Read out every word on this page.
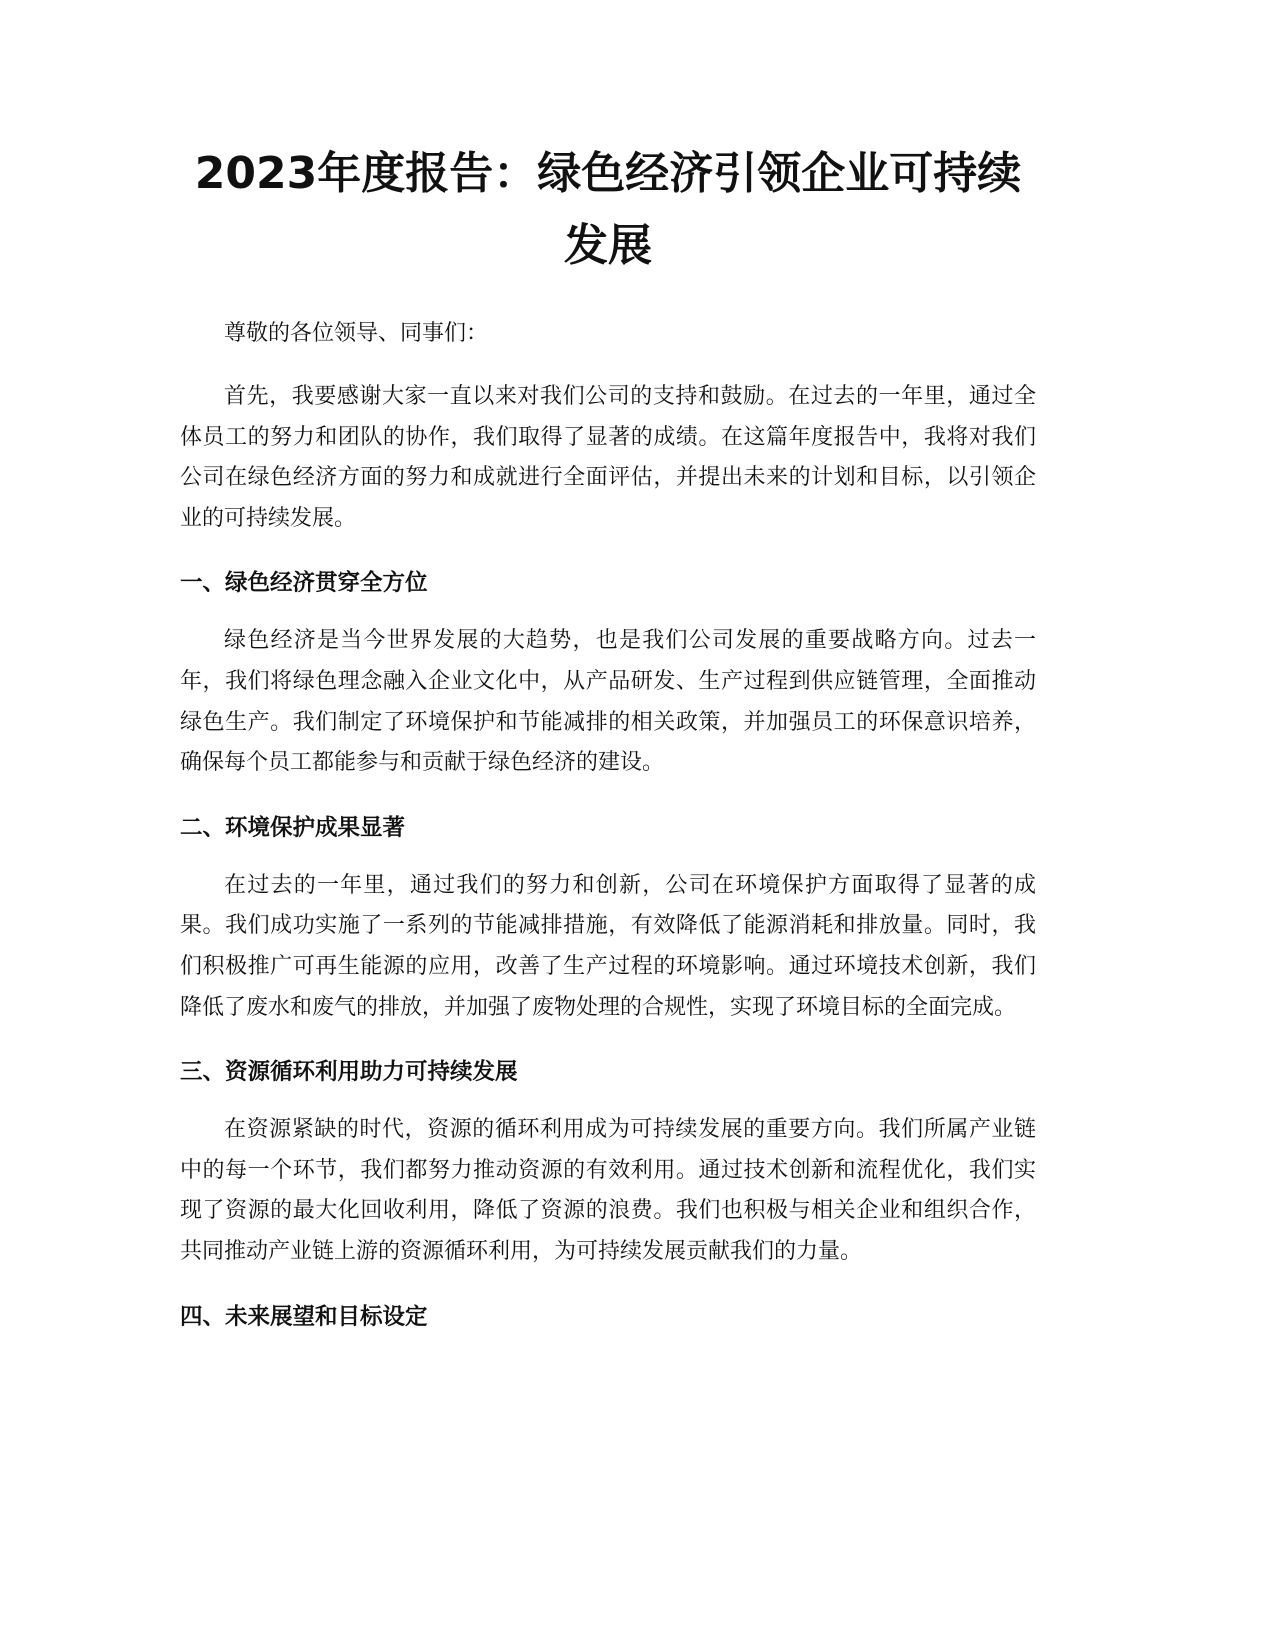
2023年度报告：绿色经济引领企业可持续发展

尊敬的各位领导、同事们：

首先，我要感谢大家一直以来对我们公司的支持和鼓励。在过去的一年里，通过全体员工的努力和团队的协作，我们取得了显著的成绩。在这篇年度报告中，我将对我们公司在绿色经济方面的努力和成就进行全面评估，并提出未来的计划和目标，以引领企业的可持续发展。

一、绿色经济贯穿全方位

绿色经济是当今世界发展的大趋势，也是我们公司发展的重要战略方向。过去一年，我们将绿色理念融入企业文化中，从产品研发、生产过程到供应链管理，全面推动绿色生产。我们制定了环境保护和节能减排的相关政策，并加强员工的环保意识培养，确保每个员工都能参与和贡献于绿色经济的建设。

二、环境保护成果显著

在过去的一年里，通过我们的努力和创新，公司在环境保护方面取得了显著的成果。我们成功实施了一系列的节能减排措施，有效降低了能源消耗和排放量。同时，我们积极推广可再生能源的应用，改善了生产过程的环境影响。通过环境技术创新，我们降低了废水和废气的排放，并加强了废物处理的合规性，实现了环境目标的全面完成。

三、资源循环利用助力可持续发展

在资源紧缺的时代，资源的循环利用成为可持续发展的重要方向。我们所属产业链中的每一个环节，我们都努力推动资源的有效利用。通过技术创新和流程优化，我们实现了资源的最大化回收利用，降低了资源的浪费。我们也积极与相关企业和组织合作，共同推动产业链上游的资源循环利用，为可持续发展贡献我们的力量。

四、未来展望和目标设定
